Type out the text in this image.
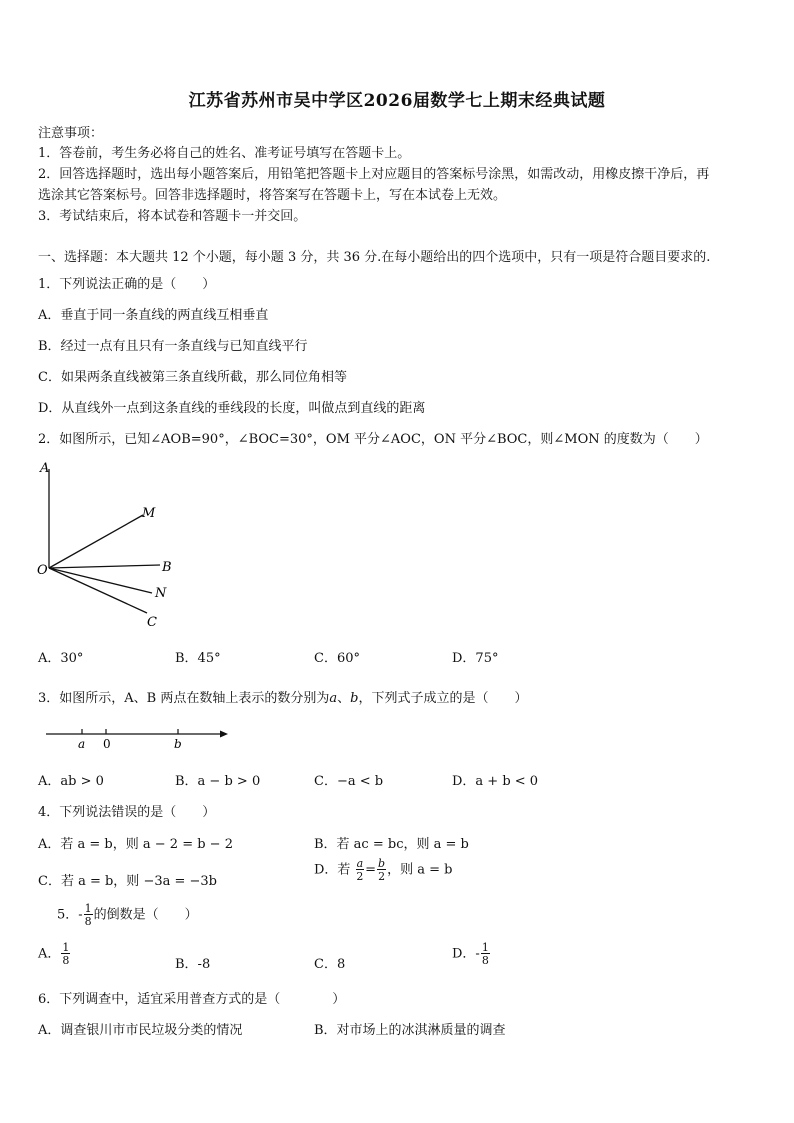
江苏省苏州市吴中学区2026届数学七上期末经典试题
注意事项：
1．答卷前，考生务必将自己的姓名、准考证号填写在答题卡上。
2．回答选择题时，选出每小题答案后，用铅笔把答题卡上对应题目的答案标号涂黑，如需改动，用橡皮擦干净后，再
选涂其它答案标号。回答非选择题时，将答案写在答题卡上，写在本试卷上无效。
3．考试结束后，将本试卷和答题卡一并交回。
一、选择题：本大题共 12 个小题，每小题 3 分，共 36 分.在每小题给出的四个选项中，只有一项是符合题目要求的.
1．下列说法正确的是（　　）
A．垂直于同一条直线的两直线互相垂直
B．经过一点有且只有一条直线与已知直线平行
C．如果两条直线被第三条直线所截，那么同位角相等
D．从直线外一点到这条直线的垂线段的长度，叫做点到直线的距离
2．如图所示，已知∠AOB=90°，∠BOC=30°，OM 平分∠AOC，ON 平分∠BOC，则∠MON 的度数为（　　）
A
M
O	B
N
C
A．30°	B．45°	C．60°	D．75°
3．如图所示，A、B 两点在数轴上表示的数分别为a、b，下列式子成立的是（　　）
a 0	b
A．ab > 0	B．a − b > 0	C．−a < b	D．a + b < 0
4．下列说法错误的是（　　）
A．若 a = b，则 a − 2 = b − 2	B．若 ac = bc，则 a = b
C．若 a = b，则 −3a = −3b
D．若 $\frac{a}{2} = \frac{b}{2}$ ，则 a = b
5．- $\frac{1}{8}$ 的倒数是（　　）
A． $\frac{1}{8}$	B．-8	C．8
D．- $\frac{1}{8}$
6．下列调查中，适宜采用普查方式的是（　　　　）
A．调查银川市市民垃圾分类的情况	B．对市场上的冰淇淋质量的调查
